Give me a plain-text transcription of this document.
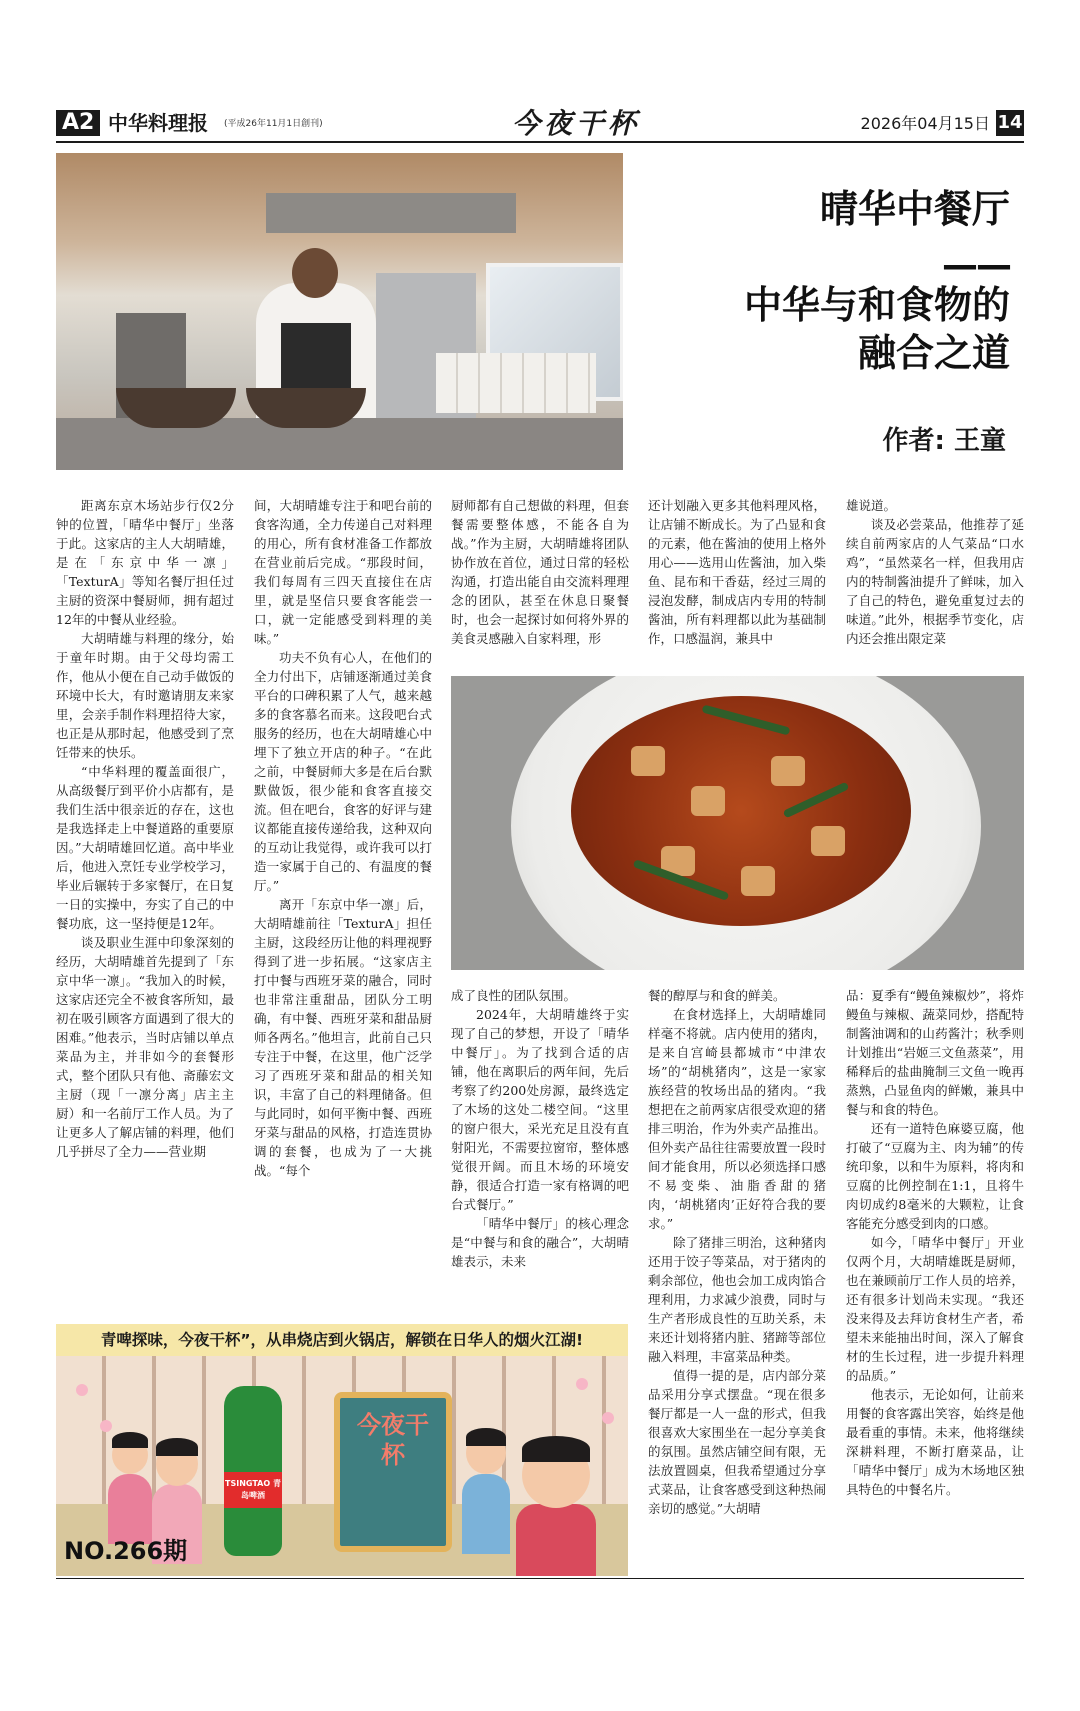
A2 中华料理报 (平成26年11月1日創刊)	今夜干杯	2026年04月15日 14
晴华中餐厅
——
中华与和食物的
融合之道
作者: 王童

距离东京木场站步行仅2分钟的位置，「晴华中餐厅」坐落于此。这家店的主人大胡晴雄，是在「东京中华一凛」「TexturA」等知名餐厅担任过主厨的资深中餐厨师，拥有超过12年的中餐从业经验。

大胡晴雄与料理的缘分，始于童年时期。由于父母均需工作，他从小便在自己动手做饭的环境中长大，有时邀请朋友来家里，会亲手制作料理招待大家，也正是从那时起，他感受到了烹饪带来的快乐。

“中华料理的覆盖面很广，从高级餐厅到平价小店都有，是我们生活中很亲近的存在，这也是我选择走上中餐道路的重要原因。”大胡晴雄回忆道。高中毕业后，他进入烹饪专业学校学习，毕业后辗转于多家餐厅，在日复一日的实操中，夯实了自己的中餐功底，这一坚持便是12年。

谈及职业生涯中印象深刻的经历，大胡晴雄首先提到了「东京中华一凛」。“我加入的时候，这家店还完全不被食客所知，最初在吸引顾客方面遇到了很大的困难。”他表示，当时店铺以单点菜品为主，并非如今的套餐形式，整个团队只有他、斋藤宏文主厨（现「一凛分离」店主主厨）和一名前厅工作人员。为了让更多人了解店铺的料理，他们几乎拼尽了全力——营业期

间，大胡晴雄专注于和吧台前的食客沟通，全力传递自己对料理的用心，所有食材准备工作都放在营业前后完成。“那段时间，我们每周有三四天直接住在店里，就是坚信只要食客能尝一口，就一定能感受到料理的美味。”

功夫不负有心人，在他们的全力付出下，店铺逐渐通过美食平台的口碑积累了人气，越来越多的食客慕名而来。这段吧台式服务的经历，也在大胡晴雄心中埋下了独立开店的种子。“在此之前，中餐厨师大多是在后台默默做饭，很少能和食客直接交流。但在吧台，食客的好评与建议都能直接传递给我，这种双向的互动让我觉得，或许我可以打造一家属于自己的、有温度的餐厅。”

离开「东京中华一凛」后，大胡晴雄前往「TexturA」担任主厨，这段经历让他的料理视野得到了进一步拓展。“这家店主打中餐与西班牙菜的融合，同时也非常注重甜品，团队分工明确，有中餐、西班牙菜和甜品厨师各两名。”他坦言，此前自己只专注于中餐，在这里，他广泛学习了西班牙菜和甜品的相关知识，丰富了自己的料理储备。但与此同时，如何平衡中餐、西班牙菜与甜品的风格，打造连贯协调的套餐，也成为了一大挑战。“每个

厨师都有自己想做的料理，但套餐需要整体感，不能各自为战。”作为主厨，大胡晴雄将团队协作放在首位，通过日常的轻松沟通，打造出能自由交流料理理念的团队，甚至在休息日聚餐时，也会一起探讨如何将外界的美食灵感融入自家料理，形

还计划融入更多其他料理风格，让店铺不断成长。为了凸显和食的元素，他在酱油的使用上格外用心——选用山佐酱油，加入柴鱼、昆布和干香菇，经过三周的浸泡发酵，制成店内专用的特制酱油，所有料理都以此为基础制作，口感温润，兼具中

雄说道。

谈及必尝菜品，他推荐了延续自前两家店的人气菜品“口水鸡”，“虽然菜名一样，但我用店内的特制酱油提升了鲜味，加入了自己的特色，避免重复过去的味道。”此外，根据季节变化，店内还会推出限定菜

成了良性的团队氛围。

2024年，大胡晴雄终于实现了自己的梦想，开设了「晴华中餐厅」。为了找到合适的店铺，他在离职后的两年间，先后考察了约200处房源，最终选定了木场的这处二楼空间。“这里的窗户很大，采光充足且没有直射阳光，不需要拉窗帘，整体感觉很开阔。而且木场的环境安静，很适合打造一家有格调的吧台式餐厅。”

「晴华中餐厅」的核心理念是“中餐与和食的融合”，大胡晴雄表示，未来

餐的醇厚与和食的鲜美。

在食材选择上，大胡晴雄同样毫不将就。店内使用的猪肉，是来自宫崎县都城市“中津农场”的“胡桃猪肉”，这是一家家族经营的牧场出品的猪肉。“我想把在之前两家店很受欢迎的猪排三明治，作为外卖产品推出。但外卖产品往往需要放置一段时间才能食用，所以必须选择口感不易变柴、油脂香甜的猪肉，‘胡桃猪肉’正好符合我的要求。”

除了猪排三明治，这种猪肉还用于饺子等菜品，对于猪肉的剩余部位，他也会加工成肉馅合理利用，力求减少浪费，同时与生产者形成良性的互助关系，未来还计划将猪内脏、猪蹄等部位融入料理，丰富菜品种类。

值得一提的是，店内部分菜品采用分享式摆盘。“现在很多餐厅都是一人一盘的形式，但我很喜欢大家围坐在一起分享美食的氛围。虽然店铺空间有限，无法放置圆桌，但我希望通过分享式菜品，让食客感受到这种热闹亲切的感觉。”大胡晴

品：夏季有“鳗鱼辣椒炒”，将炸鳗鱼与辣椒、蔬菜同炒，搭配特制酱油调和的山药酱汁；秋季则计划推出“岩姬三文鱼蒸菜”，用稀释后的盐曲腌制三文鱼一晚再蒸熟，凸显鱼肉的鲜嫩，兼具中餐与和食的特色。

还有一道特色麻婆豆腐，他打破了“豆腐为主、肉为辅”的传统印象，以和牛为原料，将肉和豆腐的比例控制在1:1，且将牛肉切成约8毫米的大颗粒，让食客能充分感受到肉的口感。

如今，「晴华中餐厅」开业仅两个月，大胡晴雄既是厨师，也在兼顾前厅工作人员的培养，还有很多计划尚未实现。“我还没来得及去拜访食材生产者，希望未来能抽出时间，深入了解食材的生长过程，进一步提升料理的品质。”

他表示，无论如何，让前来用餐的食客露出笑容，始终是他最看重的事情。未来，他将继续深耕料理，不断打磨菜品，让「晴华中餐厅」成为木场地区独具特色的中餐名片。

青啤探味，今夜干杯”，从串烧店到火锅店，解锁在日华人的烟火江湖!
TSINGTAO 青岛啤酒
今夜干杯
NO.266期
